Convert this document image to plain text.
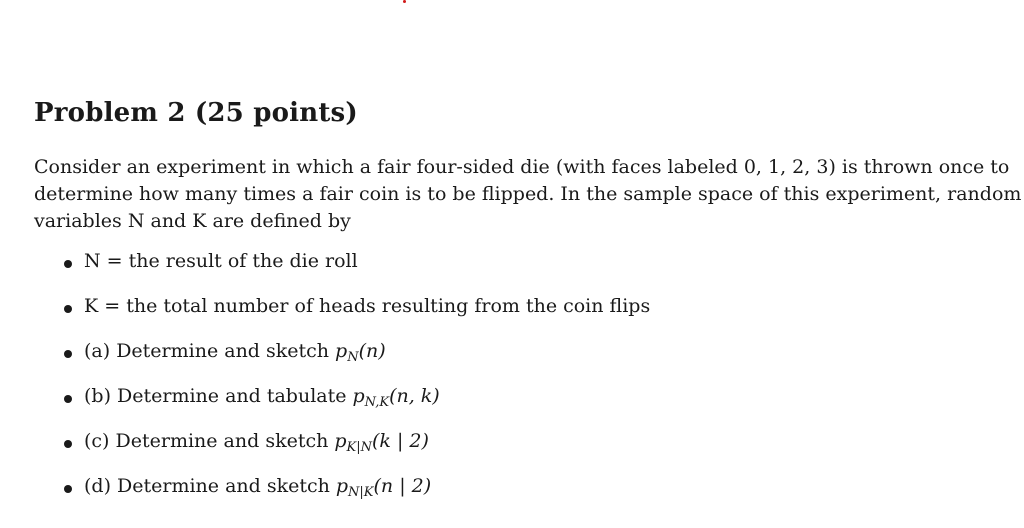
Problem 2 (25 points)
Consider an experiment in which a fair four-sided die (with faces labeled 0, 1, 2, 3) is thrown once to
determine how many times a fair coin is to be flipped. In the sample space of this experiment, random
variables N and K are defined by
N = the result of the die roll
K = the total number of heads resulting from the coin flips
(a) Determine and sketch $p_N(n)$
(b) Determine and tabulate $p_{N,K}(n$, k)
(c) Determine and sketch $p_{K|N}(k$ | 2)
(d) Determine and sketch $p_{N|K}(n$ | 2)
